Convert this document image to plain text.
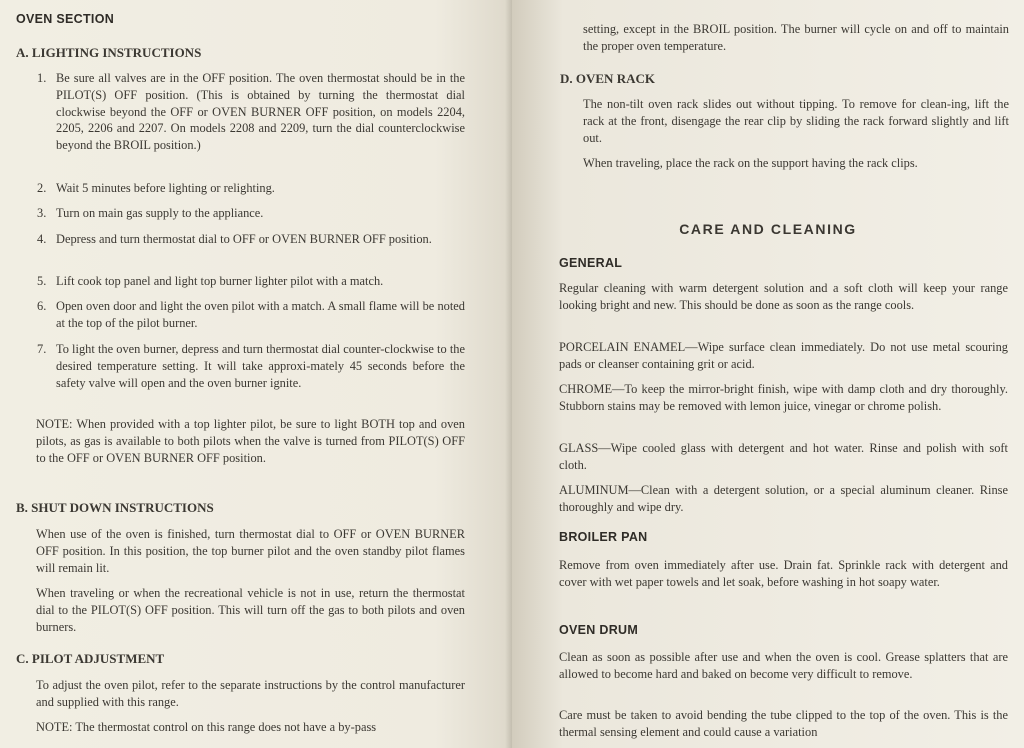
OVEN SECTION
A. LIGHTING INSTRUCTIONS
1. Be sure all valves are in the OFF position. The oven thermostat should be in the PILOT(S) OFF position. (This is obtained by turning the thermostat dial clockwise beyond the OFF or OVEN BURNER OFF position, on models 2204, 2205, 2206 and 2207. On models 2208 and 2209, turn the dial counterclockwise beyond the BROIL position.)
2. Wait 5 minutes before lighting or relighting.
3. Turn on main gas supply to the appliance.
4. Depress and turn thermostat dial to OFF or OVEN BURNER OFF position.
5. Lift cook top panel and light top burner lighter pilot with a match.
6. Open oven door and light the oven pilot with a match. A small flame will be noted at the top of the pilot burner.
7. To light the oven burner, depress and turn thermostat dial counter-clockwise to the desired temperature setting. It will take approxi-mately 45 seconds before the safety valve will open and the oven burner ignite.

NOTE: When provided with a top lighter pilot, be sure to light BOTH top and oven pilots, as gas is available to both pilots when the valve is turned from PILOT(S) OFF to the OFF or OVEN BURNER OFF position.

B. SHUT DOWN INSTRUCTIONS

When use of the oven is finished, turn thermostat dial to OFF or OVEN BURNER OFF position. In this position, the top burner pilot and the oven standby pilot flames will remain lit.

When traveling or when the recreational vehicle is not in use, return the thermostat dial to the PILOT(S) OFF position. This will turn off the gas to both pilots and oven burners.

C. PILOT ADJUSTMENT

To adjust the oven pilot, refer to the separate instructions by the control manufacturer and supplied with this range.

NOTE: The thermostat control on this range does not have a by-pass

setting, except in the BROIL position. The burner will cycle on and off to maintain the proper oven temperature.

D. OVEN RACK

The non-tilt oven rack slides out without tipping. To remove for clean-ing, lift the rack at the front, disengage the rear clip by sliding the rack forward slightly and lift out.

When traveling, place the rack on the support having the rack clips.

CARE AND CLEANING
GENERAL

Regular cleaning with warm detergent solution and a soft cloth will keep your range looking bright and new. This should be done as soon as the range cools.

PORCELAIN ENAMEL—Wipe surface clean immediately. Do not use metal scouring pads or cleanser containing grit or acid.

CHROME—To keep the mirror-bright finish, wipe with damp cloth and dry thoroughly. Stubborn stains may be removed with lemon juice, vinegar or chrome polish.

GLASS—Wipe cooled glass with detergent and hot water. Rinse and polish with soft cloth.

ALUMINUM—Clean with a detergent solution, or a special aluminum cleaner. Rinse thoroughly and wipe dry.

BROILER PAN

Remove from oven immediately after use. Drain fat. Sprinkle rack with detergent and cover with wet paper towels and let soak, before washing in hot soapy water.

OVEN DRUM

Clean as soon as possible after use and when the oven is cool. Grease splatters that are allowed to become hard and baked on become very difficult to remove.

Care must be taken to avoid bending the tube clipped to the top of the oven. This is the thermal sensing element and could cause a variation
